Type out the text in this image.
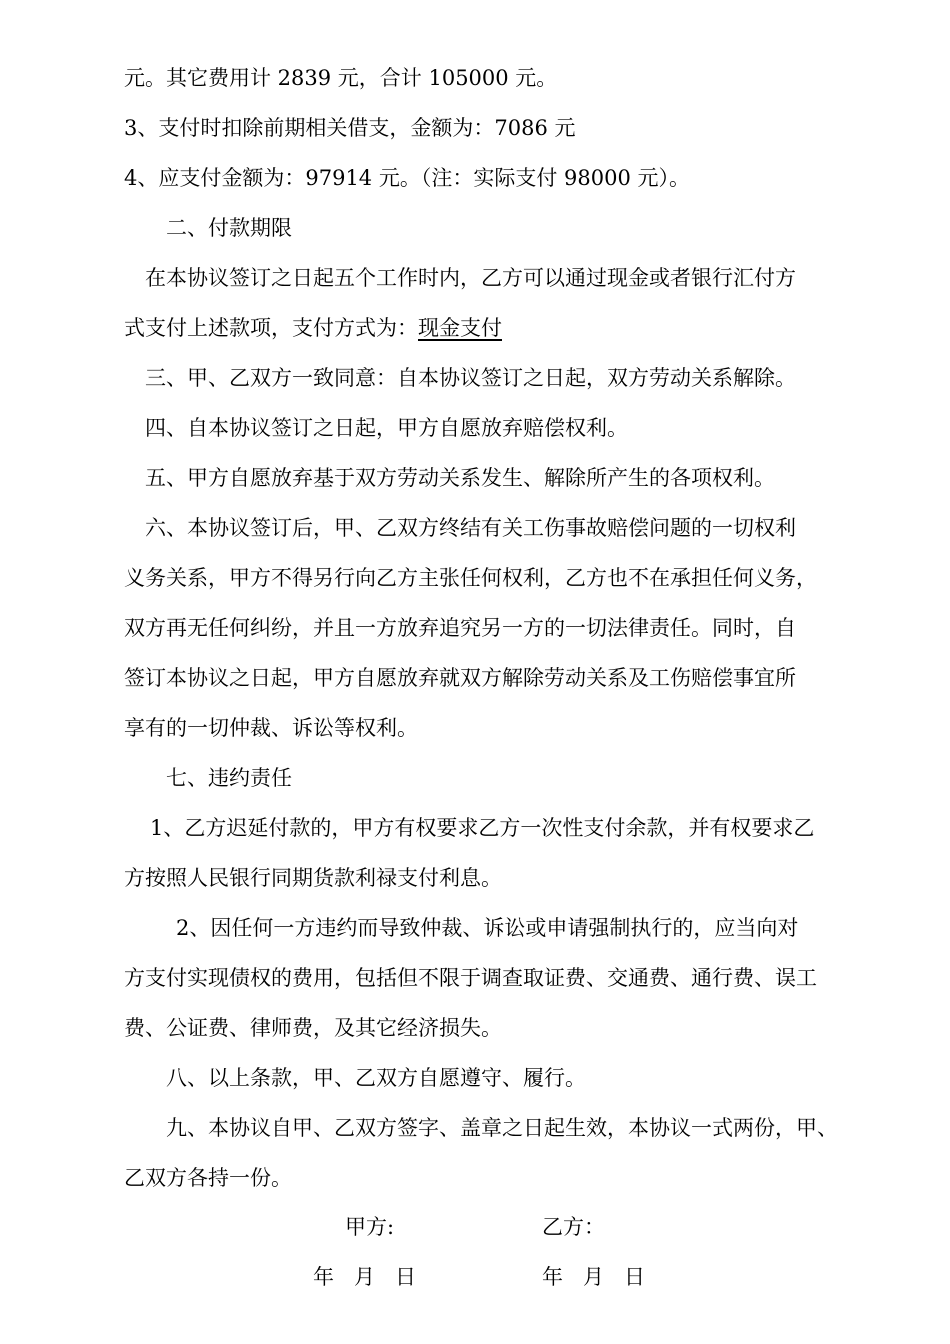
元。其它费用计 2839 元，合计 105000 元。
3、支付时扣除前期相关借支，金额为：7086 元
4、应支付金额为：97914 元。（注：实际支付 98000 元）。
二、付款期限
在本协议签订之日起五个工作时内，乙方可以通过现金或者银行汇付方
式支付上述款项，支付方式为：现金支付
三、甲、乙双方一致同意：自本协议签订之日起，双方劳动关系解除。
四、自本协议签订之日起，甲方自愿放弃赔偿权利。
五、甲方自愿放弃基于双方劳动关系发生、解除所产生的各项权利。
六、本协议签订后，甲、乙双方终结有关工伤事故赔偿问题的一切权利
义务关系，甲方不得另行向乙方主张任何权利，乙方也不在承担任何义务，
双方再无任何纠纷，并且一方放弃追究另一方的一切法律责任。同时，自
签订本协议之日起，甲方自愿放弃就双方解除劳动关系及工伤赔偿事宜所
享有的一切仲裁、诉讼等权利。
七、违约责任
1、乙方迟延付款的，甲方有权要求乙方一次性支付余款，并有权要求乙
方按照人民银行同期货款利禄支付利息。
2、因任何一方违约而导致仲裁、诉讼或申请强制执行的，应当向对
方支付实现债权的费用，包括但不限于调查取证费、交通费、通行费、误工
费、公证费、律师费，及其它经济损失。
八、以上条款，甲、乙双方自愿遵守、履行。
九、本协议自甲、乙双方签字、盖章之日起生效，本协议一式两份，甲、
乙双方各持一份。
甲方:	乙方：
年   月   日	年   月   日
